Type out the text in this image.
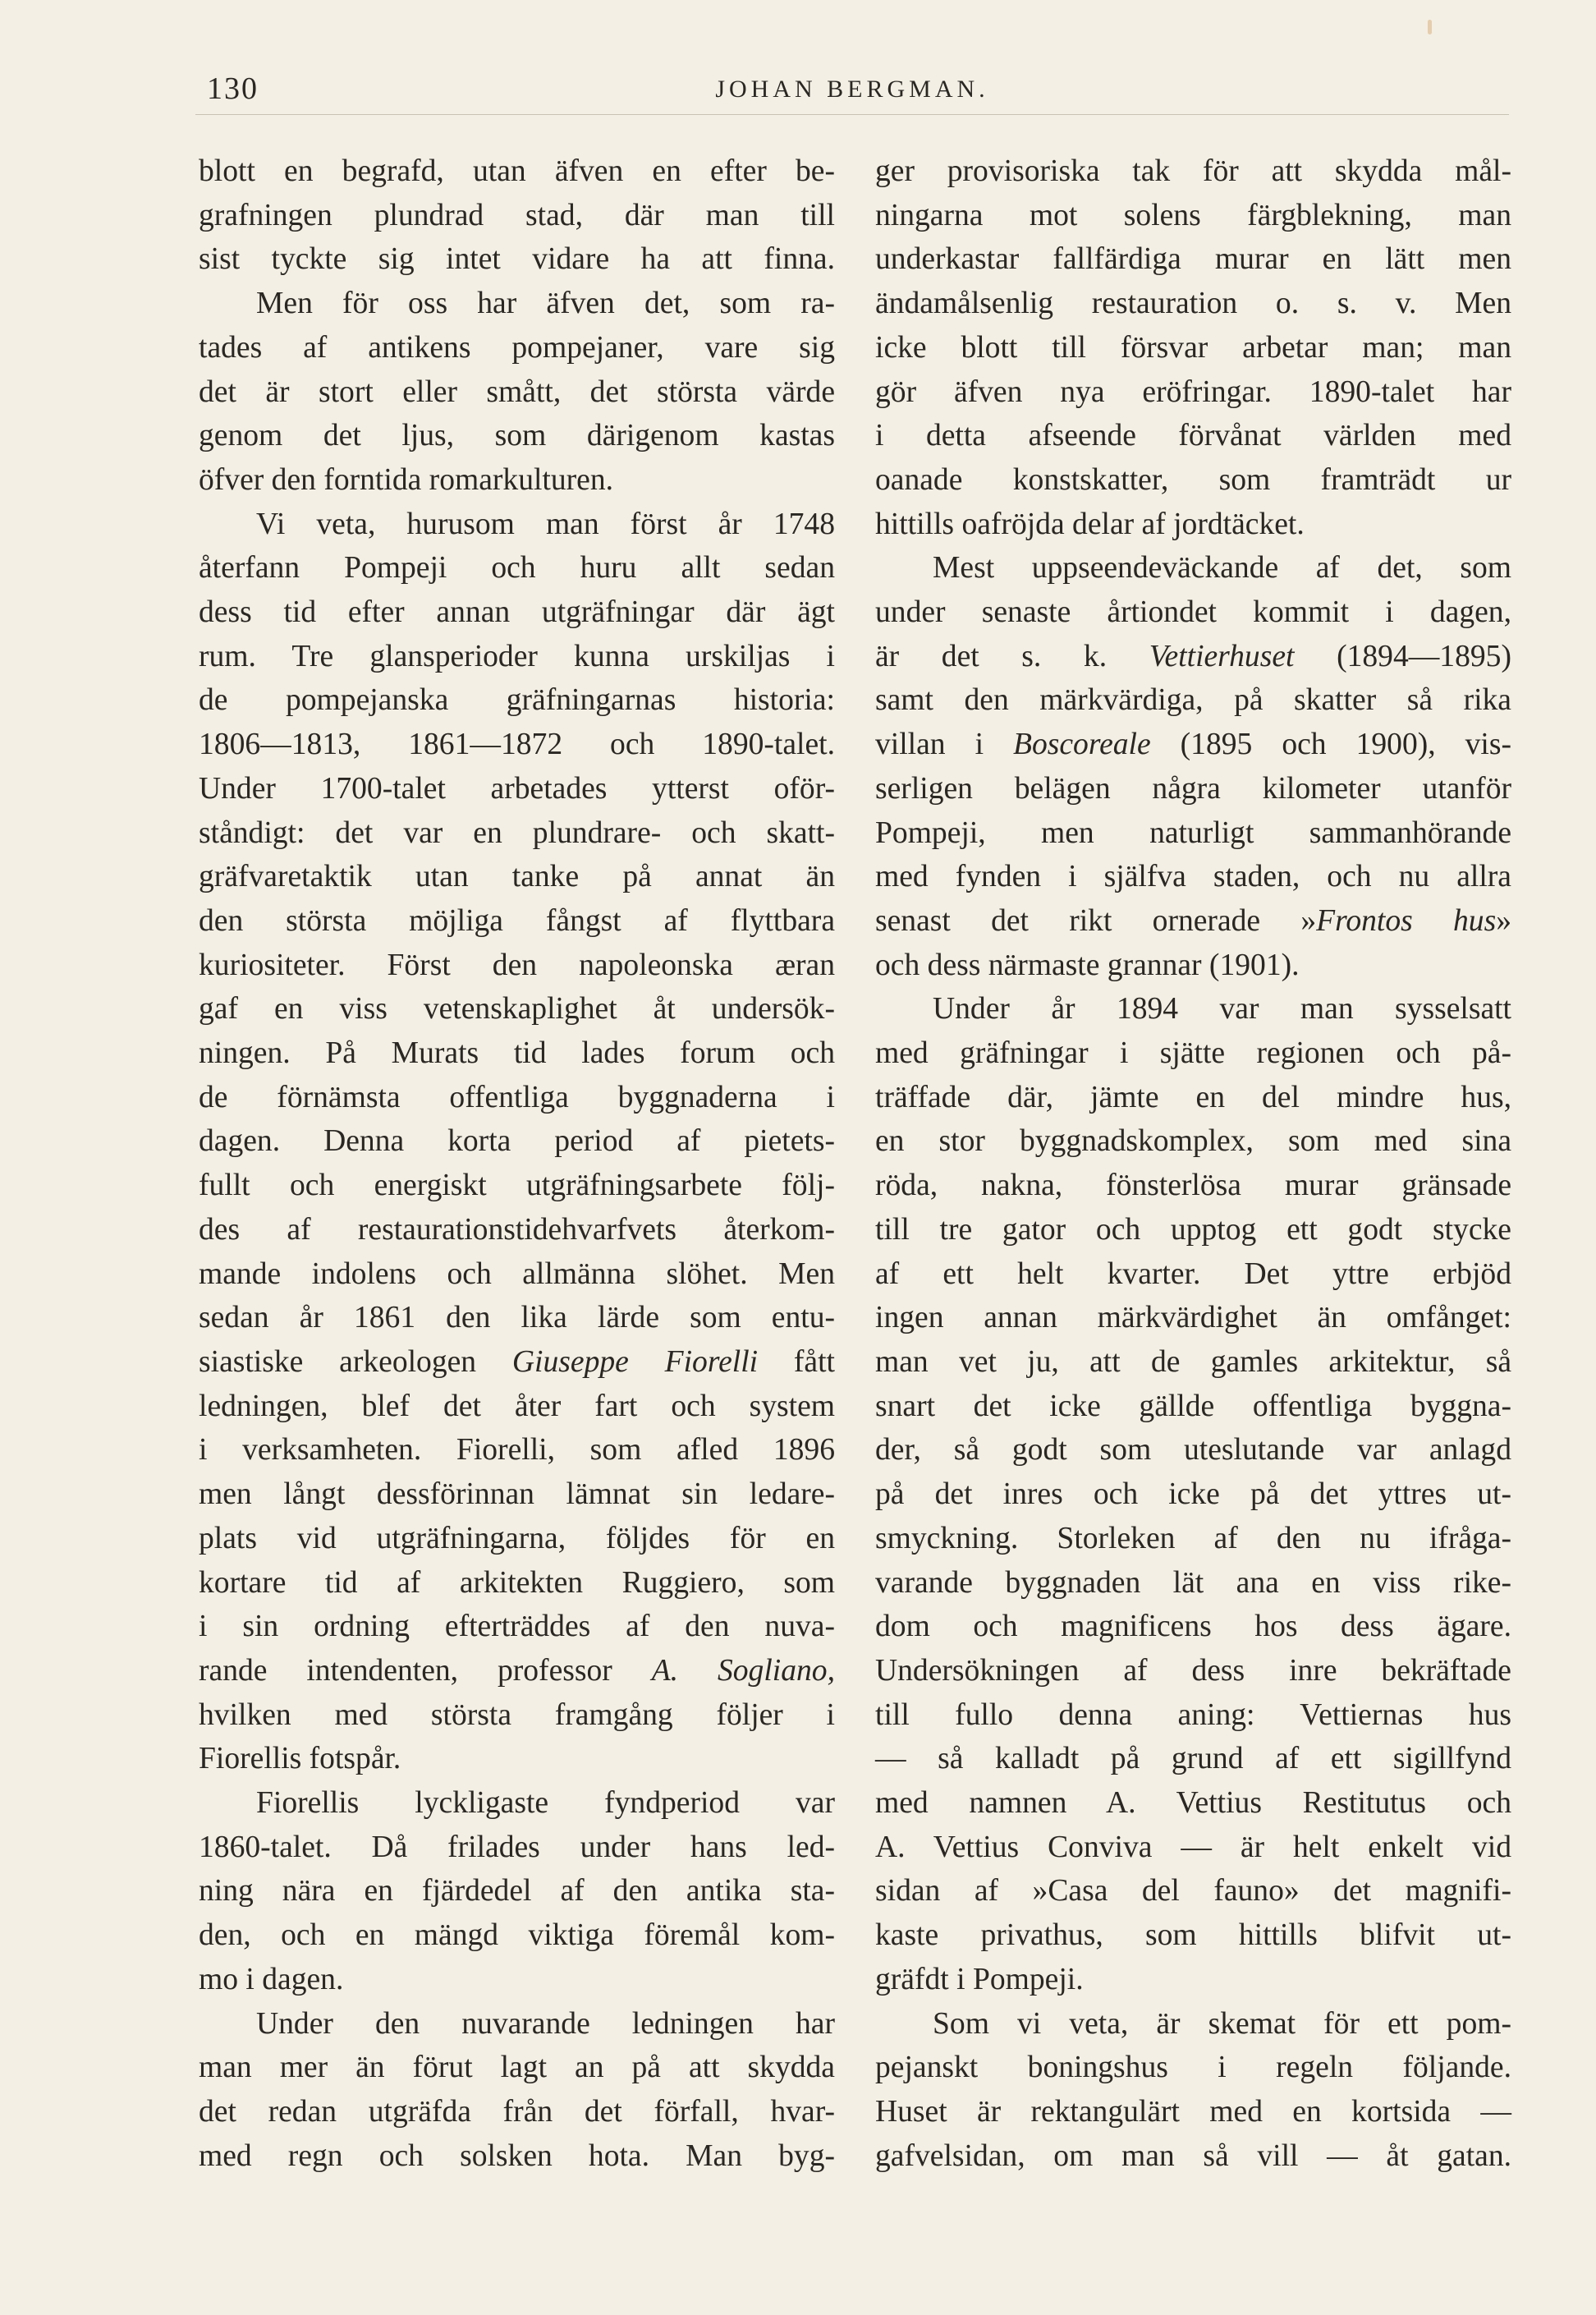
130	JOHAN BERGMAN.
blott en begrafd, utan äfven en efter be-
grafningen plundrad stad, där man till
sist tyckte sig intet vidare ha att finna.
Men för oss har äfven det, som ra-
tades af antikens pompejaner, vare sig
det är stort eller smått, det största värde
genom det ljus, som därigenom kastas
öfver den forntida romarkulturen.
Vi veta, hurusom man först år 1748
återfann Pompeji och huru allt sedan
dess tid efter annan utgräfningar där ägt
rum. Tre glansperioder kunna urskiljas i
de pompejanska gräfningarnas historia:
1806—1813, 1861—1872 och 1890-talet.
Under 1700-talet arbetades ytterst oför-
ståndigt: det var en plundrare- och skatt-
gräfvaretaktik utan tanke på annat än
den största möjliga fångst af flyttbara
kuriositeter. Först den napoleonska æran
gaf en viss vetenskaplighet åt undersök-
ningen. På Murats tid lades forum och
de förnämsta offentliga byggnaderna i
dagen. Denna korta period af pietets-
fullt och energiskt utgräfningsarbete följ-
des af restaurationstidehvarfvets återkom-
mande indolens och allmänna slöhet. Men
sedan år 1861 den lika lärde som entu-
siastiske arkeologen Giuseppe Fiorelli fått
ledningen, blef det åter fart och system
i verksamheten. Fiorelli, som afled 1896
men långt dessförinnan lämnat sin ledare-
plats vid utgräfningarna, följdes för en
kortare tid af arkitekten Ruggiero, som
i sin ordning efterträddes af den nuva-
rande intendenten, professor A. Sogliano,
hvilken med största framgång följer i
Fiorellis fotspår.
Fiorellis lyckligaste fyndperiod var
1860-talet. Då frilades under hans led-
ning nära en fjärdedel af den antika sta-
den, och en mängd viktiga föremål kom-
mo i dagen.
Under den nuvarande ledningen har
man mer än förut lagt an på att skydda
det redan utgräfda från det förfall, hvar-
med regn och solsken hota. Man byg-
ger provisoriska tak för att skydda mål-
ningarna mot solens färgblekning, man
underkastar fallfärdiga murar en lätt men
ändamålsenlig restauration o. s. v. Men
icke blott till försvar arbetar man; man
gör äfven nya eröfringar. 1890-talet har
i detta afseende förvånat världen med
oanade konstskatter, som framträdt ur
hittills oafröjda delar af jordtäcket.
Mest uppseendeväckande af det, som
under senaste årtiondet kommit i dagen,
är det s. k. Vettierhuset (1894—1895)
samt den märkvärdiga, på skatter så rika
villan i Boscoreale (1895 och 1900), vis-
serligen belägen några kilometer utanför
Pompeji, men naturligt sammanhörande
med fynden i själfva staden, och nu allra
senast det rikt ornerade »Frontos hus»
och dess närmaste grannar (1901).
Under år 1894 var man sysselsatt
med gräfningar i sjätte regionen och på-
träffade där, jämte en del mindre hus,
en stor byggnadskomplex, som med sina
röda, nakna, fönsterlösa murar gränsade
till tre gator och upptog ett godt stycke
af ett helt kvarter. Det yttre erbjöd
ingen annan märkvärdighet än omfånget:
man vet ju, att de gamles arkitektur, så
snart det icke gällde offentliga byggna-
der, så godt som uteslutande var anlagd
på det inres och icke på det yttres ut-
smyckning. Storleken af den nu ifråga-
varande byggnaden lät ana en viss rike-
dom och magnificens hos dess ägare.
Undersökningen af dess inre bekräftade
till fullo denna aning: Vettiernas hus
— så kalladt på grund af ett sigillfynd
med namnen A. Vettius Restitutus och
A. Vettius Conviva — är helt enkelt vid
sidan af »Casa del fauno» det magnifi-
kaste privathus, som hittills blifvit ut-
gräfdt i Pompeji.
Som vi veta, är skemat för ett pom-
pejanskt boningshus i regeln följande.
Huset är rektangulärt med en kortsida —
gafvelsidan, om man så vill — åt gatan.
